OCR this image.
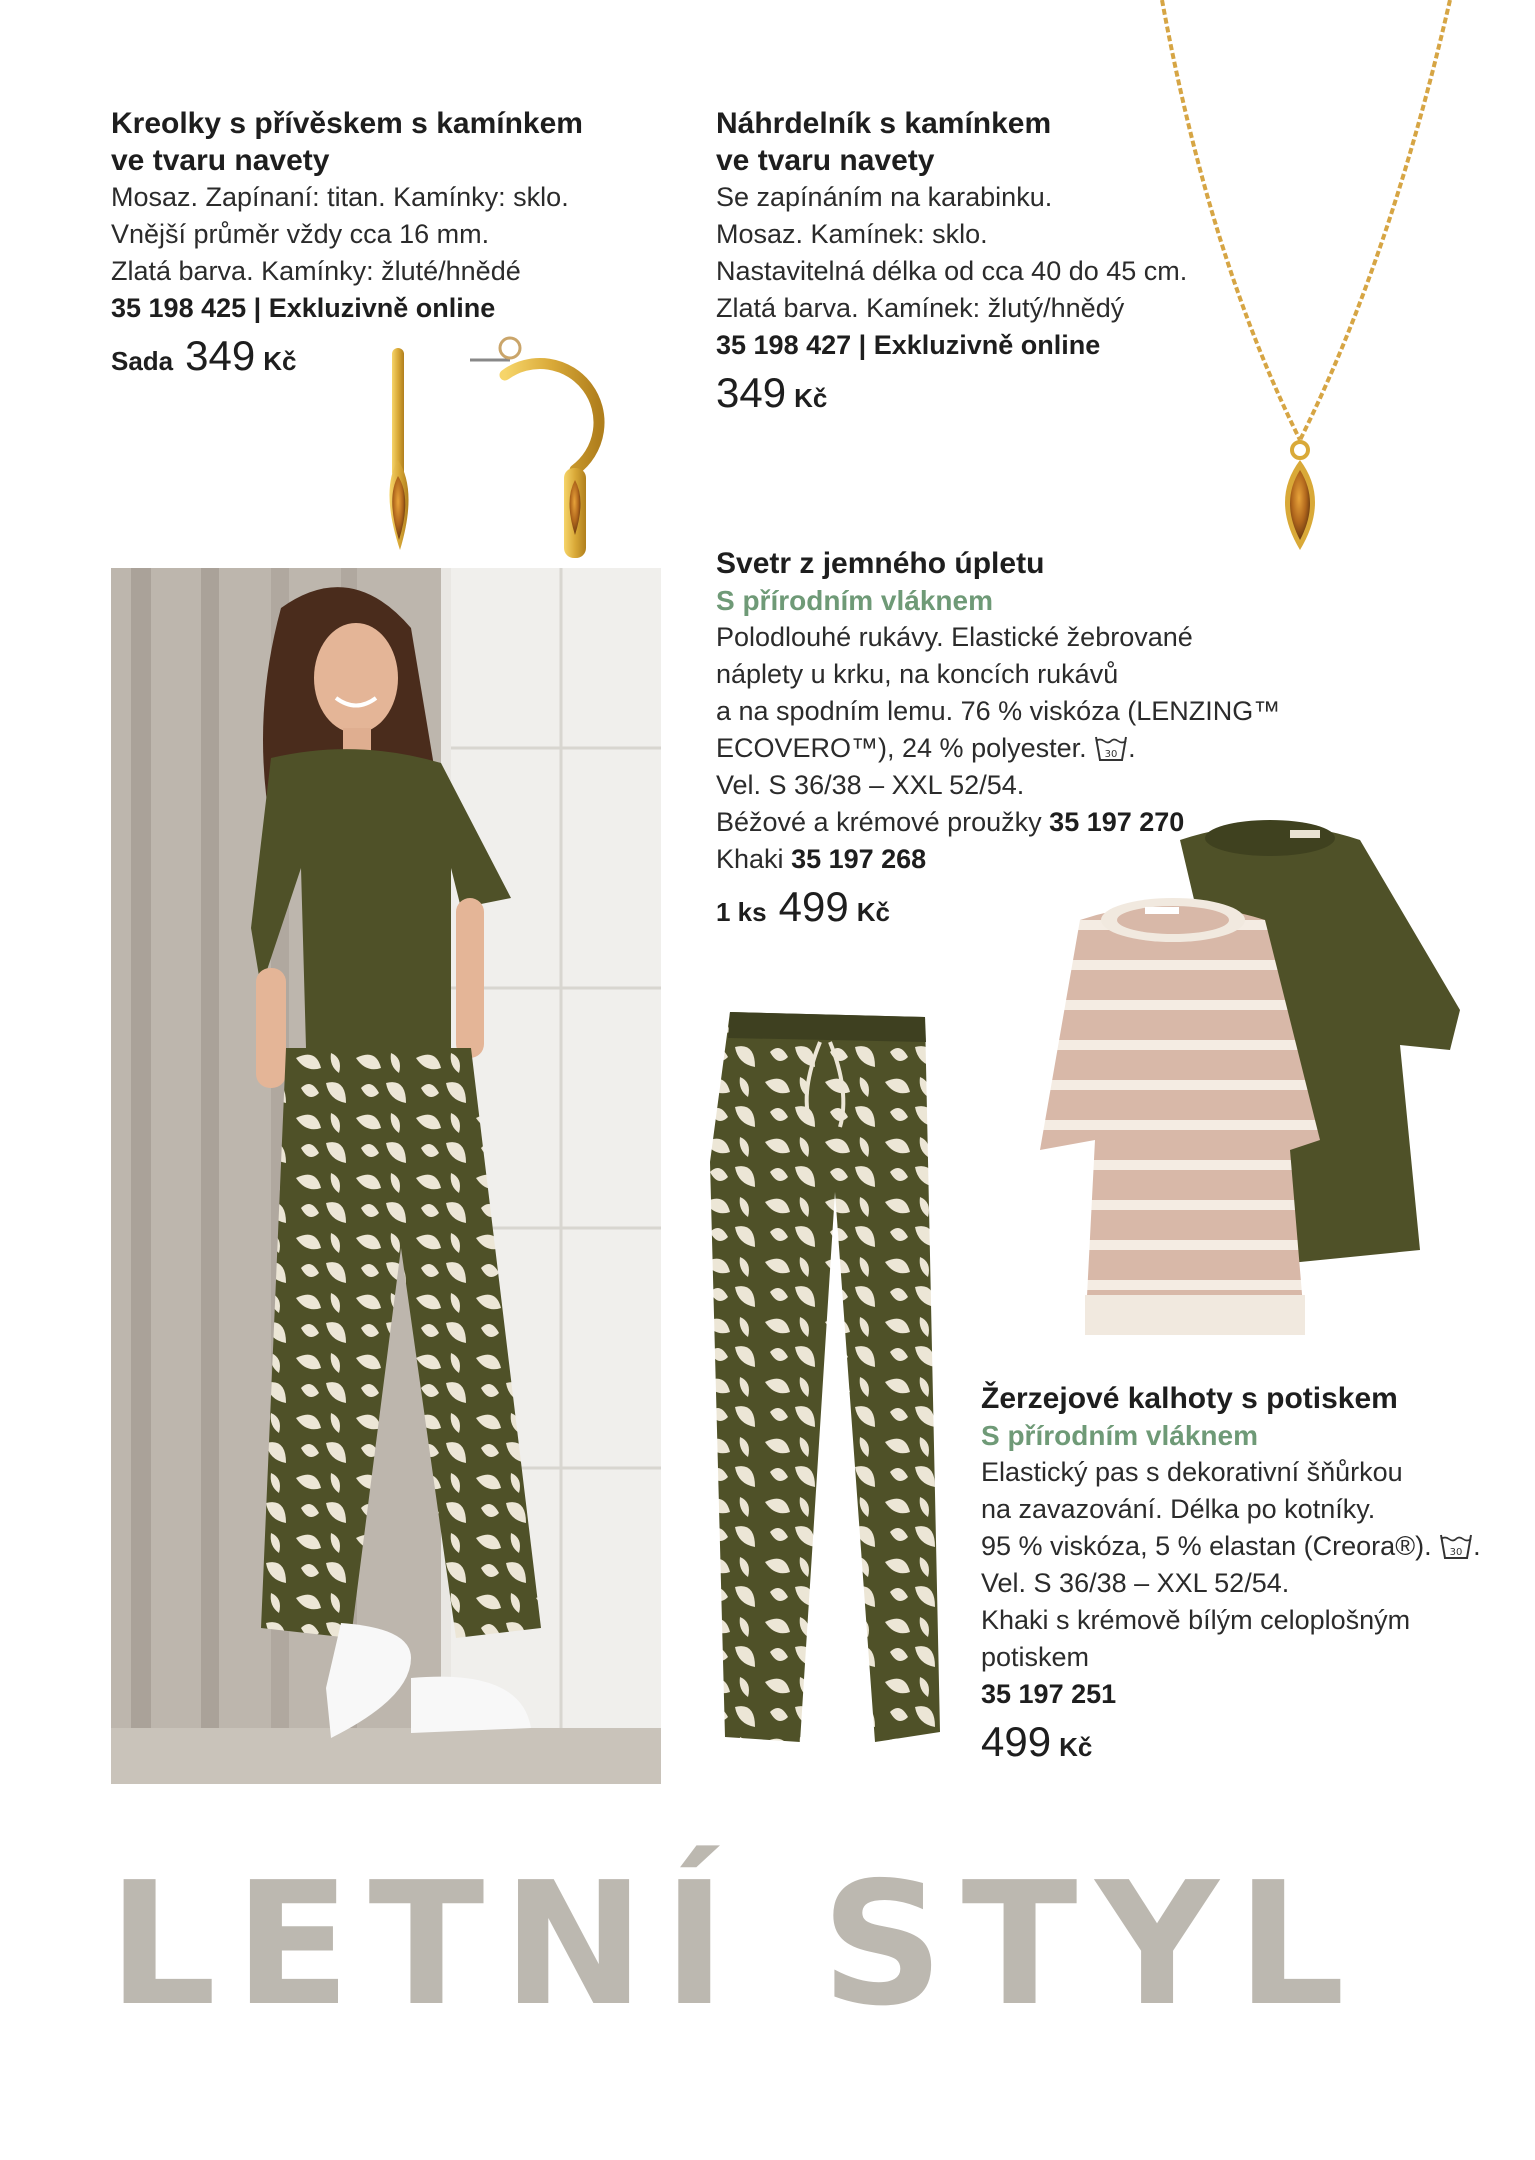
Kreolky s přívěskem s kamínkem
ve tvaru navety
Mosaz. Zapínaní: titan. Kamínky: sklo.
Vnější průměr vždy cca 16 mm.
Zlatá barva. Kamínky: žluté/hnědé
35 198 425 | Exkluzivně online
Sada 349 Kč
Náhrdelník s kamínkem
ve tvaru navety
Se zapínáním na karabinku.
Mosaz. Kamínek: sklo.
Nastavitelná délka od cca 40 do 45 cm.
Zlatá barva. Kamínek: žlutý/hnědý
35 198 427 | Exkluzivně online
349 Kč
Svetr z jemného úpletu
S přírodním vláknem
Polodlouhé rukávy. Elastické žebrované
náplety u krku, na koncích rukávů
a na spodním lemu. 76 % viskóza (LENZING™
ECOVERO™), 24 % polyester. 30 .
Vel. S 36/38 – XXL 52/54.
Béžové a krémové proužky 35 197 270
Khaki 35 197 268
1 ks 499 Kč
Žerzejové kalhoty s potiskem
S přírodním vláknem
Elastický pas s dekorativní šňůrkou
na zavazování. Délka po kotníky.
95 % viskóza, 5 % elastan (Creora®). 30 .
Vel. S 36/38 – XXL 52/54.
Khaki s krémově bílým celoplošným
potiskem
35 197 251
499 Kč
LETNÍ STYL
